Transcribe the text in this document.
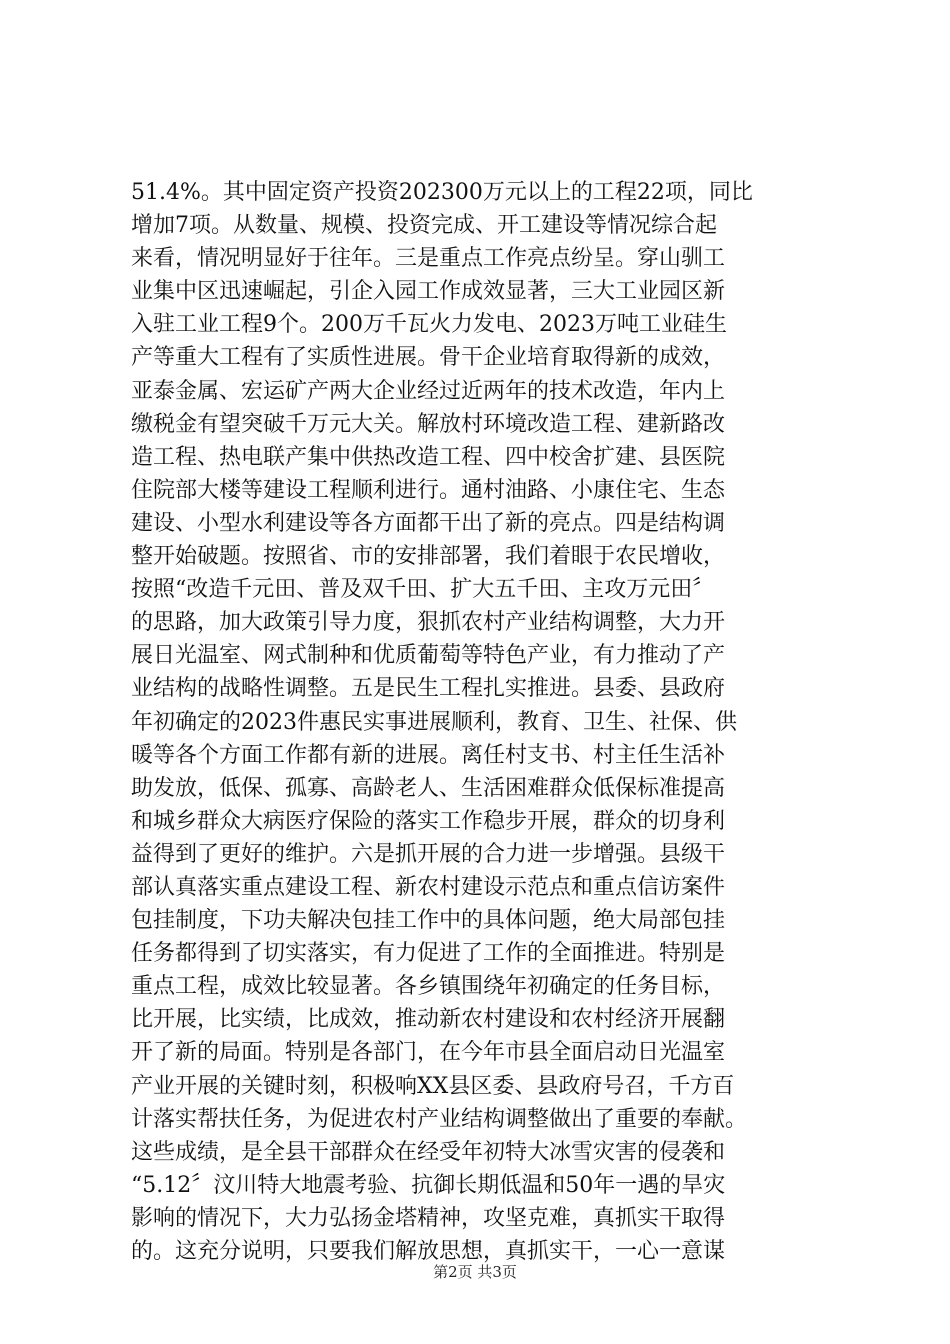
51.4%。其中固定资产投资202300万元以上的工程22项，同比
增加7项。从数量、规模、投资完成、开工建设等情况综合起
来看，情况明显好于往年。三是重点工作亮点纷呈。穿山驯工
业集中区迅速崛起，引企入园工作成效显著，三大工业园区新
入驻工业工程9个。200万千瓦火力发电、2023万吨工业硅生
产等重大工程有了实质性进展。骨干企业培育取得新的成效，
亚泰金属、宏运矿产两大企业经过近两年的技术改造，年内上
缴税金有望突破千万元大关。解放村环境改造工程、建新路改
造工程、热电联产集中供热改造工程、四中校舍扩建、县医院
住院部大楼等建设工程顺利进行。通村油路、小康住宅、生态
建设、小型水利建设等各方面都干出了新的亮点。四是结构调
整开始破题。按照省、市的安排部署，我们着眼于农民增收，
按照“改造千元田、普及双千田、扩大五千田、主攻万元田〞
的思路，加大政策引导力度，狠抓农村产业结构调整，大力开
展日光温室、网式制种和优质葡萄等特色产业，有力推动了产
业结构的战略性调整。五是民生工程扎实推进。县委、县政府
年初确定的2023件惠民实事进展顺利，教育、卫生、社保、供
暖等各个方面工作都有新的进展。离任村支书、村主任生活补
助发放，低保、孤寡、高龄老人、生活困难群众低保标准提高
和城乡群众大病医疗保险的落实工作稳步开展，群众的切身利
益得到了更好的维护。六是抓开展的合力进一步增强。县级干
部认真落实重点建设工程、新农村建设示范点和重点信访案件
包挂制度，下功夫解决包挂工作中的具体问题，绝大局部包挂
任务都得到了切实落实，有力促进了工作的全面推进。特别是
重点工程，成效比较显著。各乡镇围绕年初确定的任务目标，
比开展，比实绩，比成效，推动新农村建设和农村经济开展翻
开了新的局面。特别是各部门，在今年市县全面启动日光温室
产业开展的关键时刻，积极响XX县区委、县政府号召，千方百
计落实帮扶任务，为促进农村产业结构调整做出了重要的奉献。
这些成绩，是全县干部群众在经受年初特大冰雪灾害的侵袭和
“5.12〞汶川特大地震考验、抗御长期低温和50年一遇的旱灾
影响的情况下，大力弘扬金塔精神，攻坚克难，真抓实干取得
的。这充分说明，只要我们解放思想，真抓实干，一心一意谋
第2页 共3页
